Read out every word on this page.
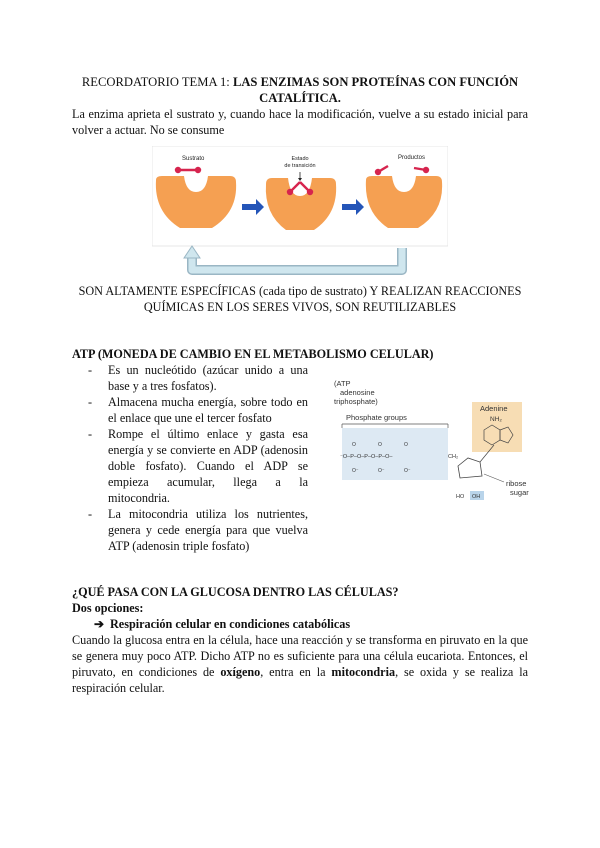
RECORDATORIO TEMA 1: LAS ENZIMAS SON PROTEÍNAS CON FUNCIÓN CATALÍTICA.
La enzima aprieta el sustrato y, cuando hace la modificación, vuelve a su estado inicial para volver a actuar. No se consume
Sustrato
Enzima
Estado
de transición
Enzima-Sustrato
Productos
Enzima
SON ALTAMENTE ESPECÍFICAS (cada tipo de sustrato) Y REALIZAN REACCIONES QUÍMICAS EN LOS SERES VIVOS, SON REUTILIZABLES
ATP (MONEDA DE CAMBIO EN EL METABOLISMO CELULAR)
- Es un nucleótido (azúcar unido a una base y a tres fosfatos).
- Almacena mucha energía, sobre todo en el enlace que une el tercer fosfato
- Rompe el último enlace y gasta esa energía y se convierte en ADP (adenosin doble fosfato). Cuando el ADP se empieza acumular, llega a la mitocondria.
- La mitocondria utiliza los nutrientes, genera y cede energía para que vuelva ATP (adenosin triple fosfato)
(ATP
adenosine
triphosphate)
Phosphate groups
Adenine
NH₂
⁻O–P–O–P–O–P–O–
O	O	O
O⁻	O⁻	O⁻
CH₂
HO OH
ribose
sugar
¿QUÉ PASA CON LA GLUCOSA DENTRO LAS CÉLULAS?
Dos opciones:
➔ Respiración celular en condiciones catabólicas
Cuando la glucosa entra en la célula, hace una reacción y se transforma en piruvato en la que se genera muy poco ATP. Dicho ATP no es suficiente para una célula eucariota. Entonces, el piruvato, en condiciones de oxígeno, entra en la mitocondria, se oxida y se realiza la respiración celular.
